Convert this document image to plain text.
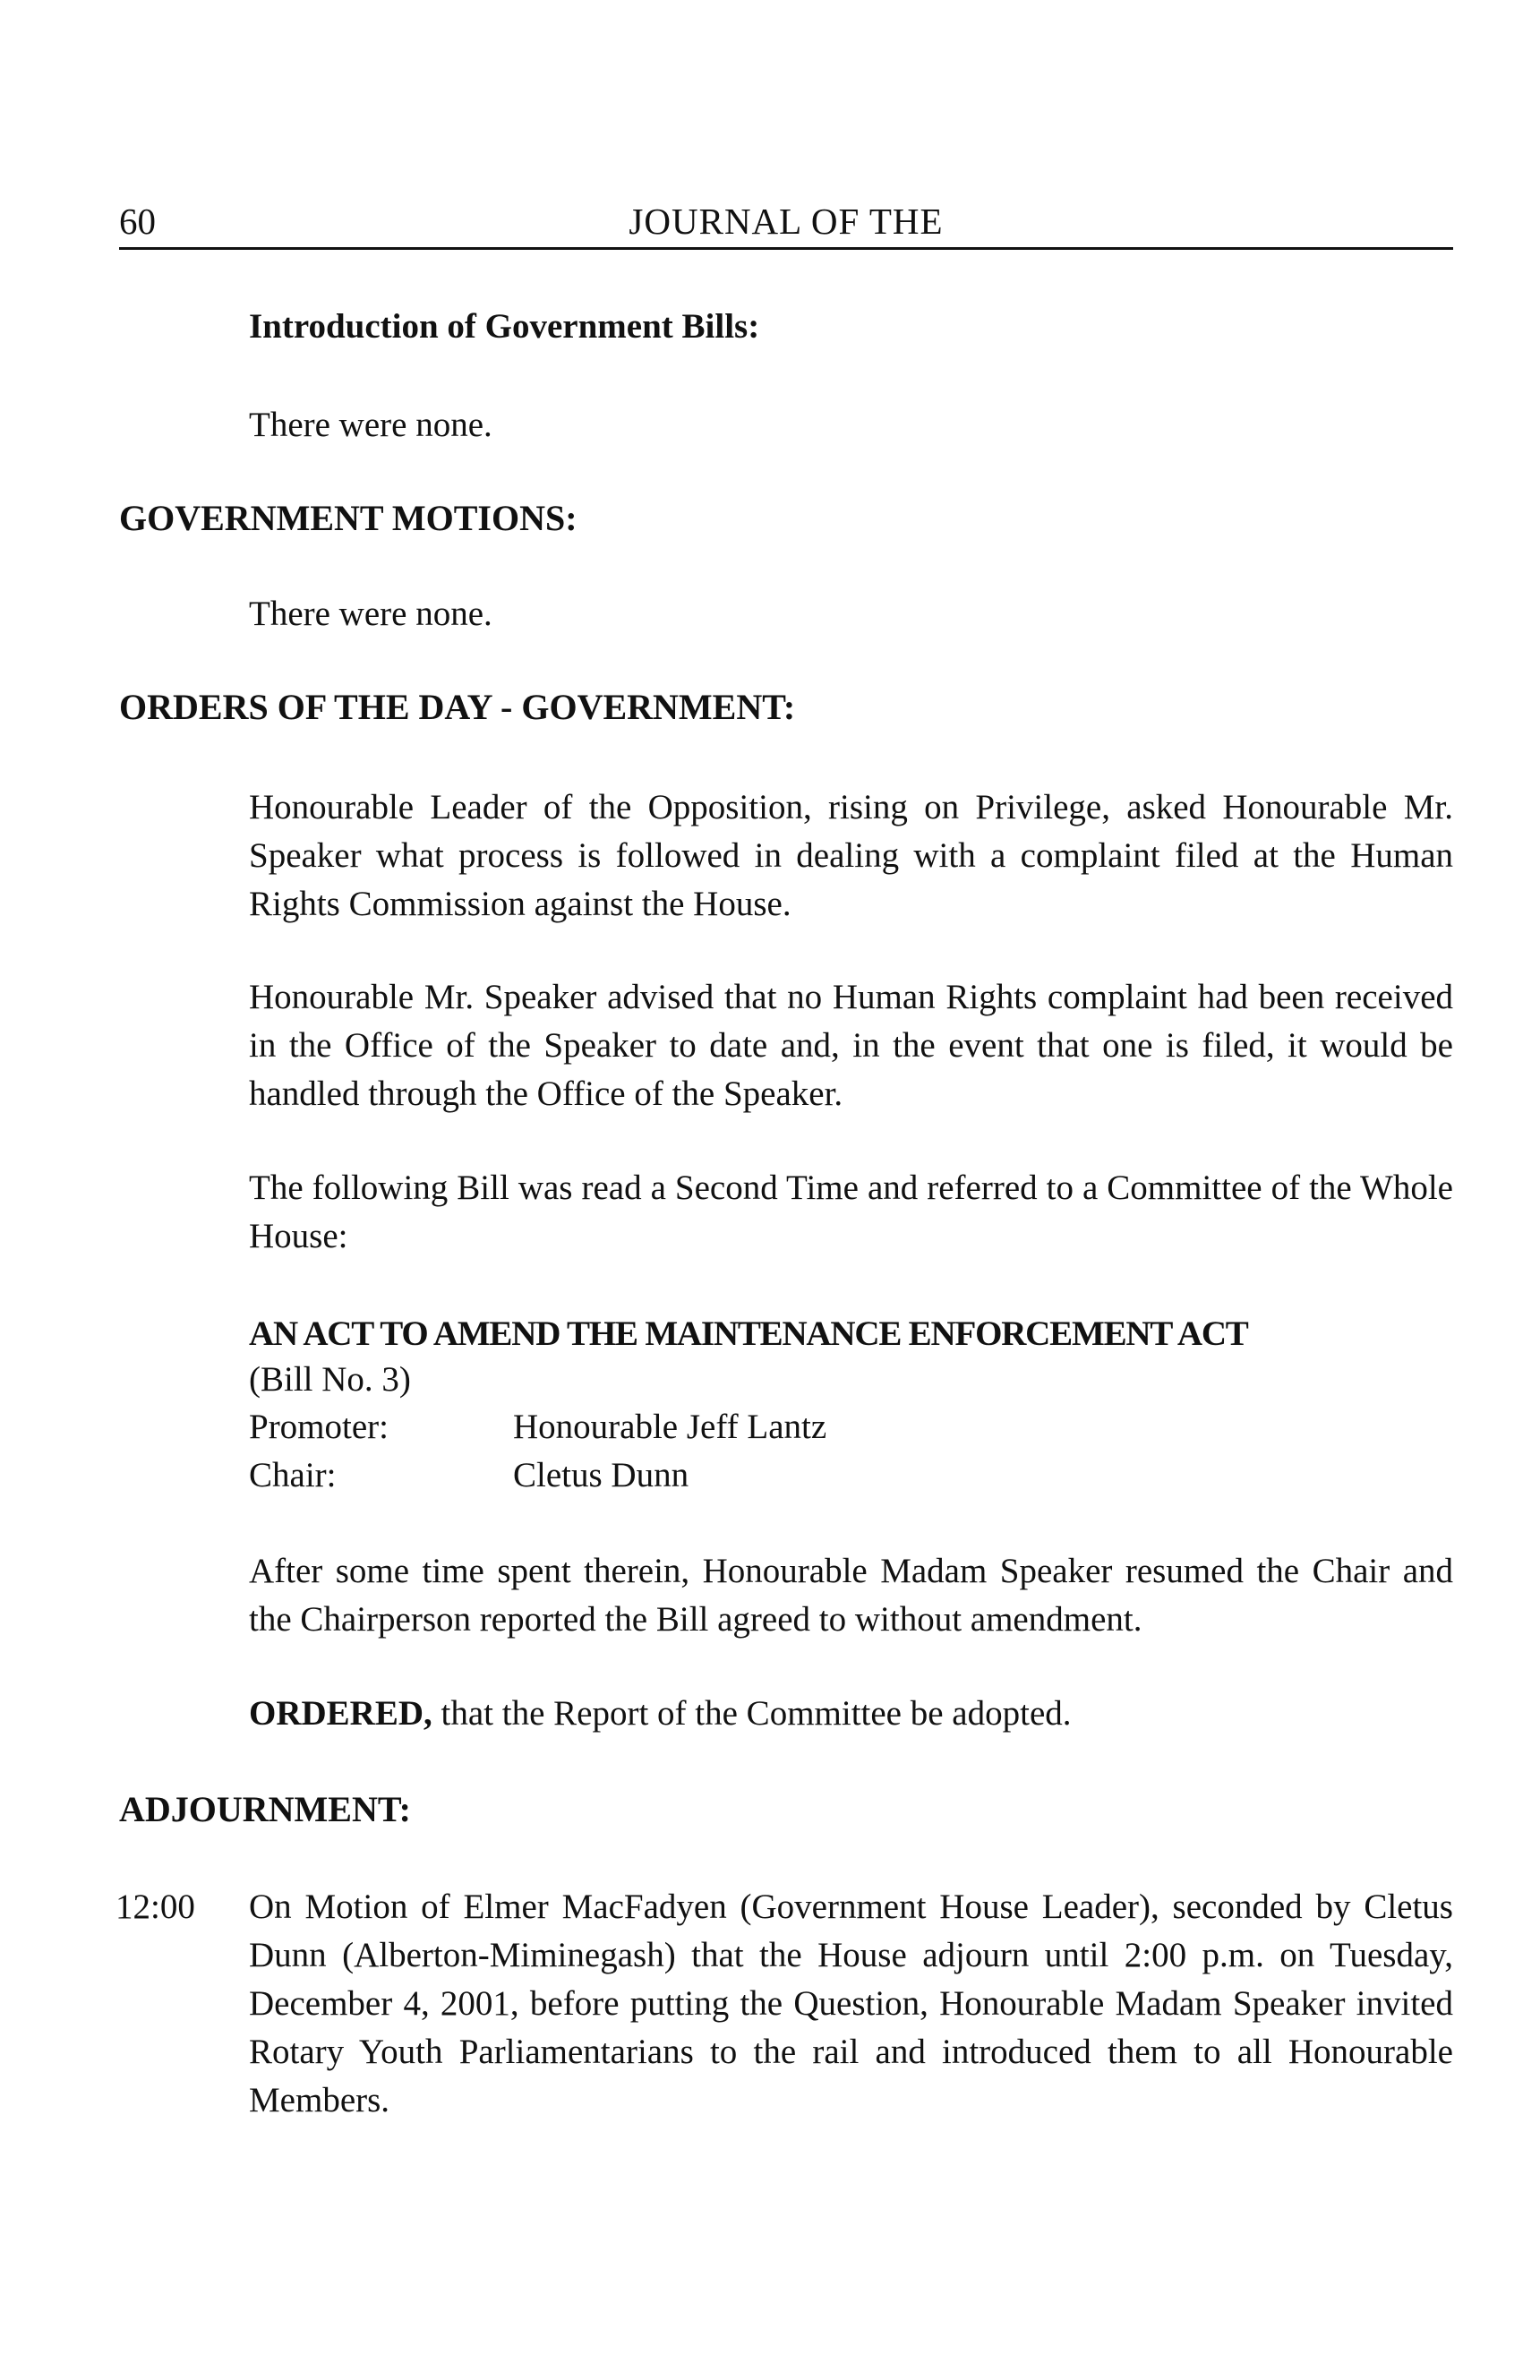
60	JOURNAL OF THE
Introduction of Government Bills:
There were none.
GOVERNMENT MOTIONS:
There were none.
ORDERS OF THE DAY - GOVERNMENT:
Honourable Leader of the Opposition, rising on Privilege, asked Honourable Mr. Speaker what process is followed in dealing with a complaint filed at the Human Rights Commission against the House.
Honourable Mr. Speaker advised that no Human Rights complaint had been received in the Office of the Speaker to date and, in the event that one is filed, it would be handled through the Office of the Speaker.
The following Bill was read a Second Time and referred to a Committee of the Whole House:
AN ACT TO AMEND THE MAINTENANCE ENFORCEMENT ACT
(Bill No. 3)
Promoter:	Honourable Jeff Lantz
Chair:	Cletus Dunn
After some time spent therein, Honourable Madam Speaker resumed the Chair and the Chairperson reported the Bill agreed to without amendment.
ORDERED, that the Report of the Committee be adopted.
ADJOURNMENT:
12:00 On Motion of Elmer MacFadyen (Government House Leader), seconded by Cletus Dunn (Alberton-Miminegash) that the House adjourn until 2:00 p.m. on Tuesday, December 4, 2001, before putting the Question, Honourable Madam Speaker invited Rotary Youth Parliamentarians to the rail and introduced them to all Honourable Members.
